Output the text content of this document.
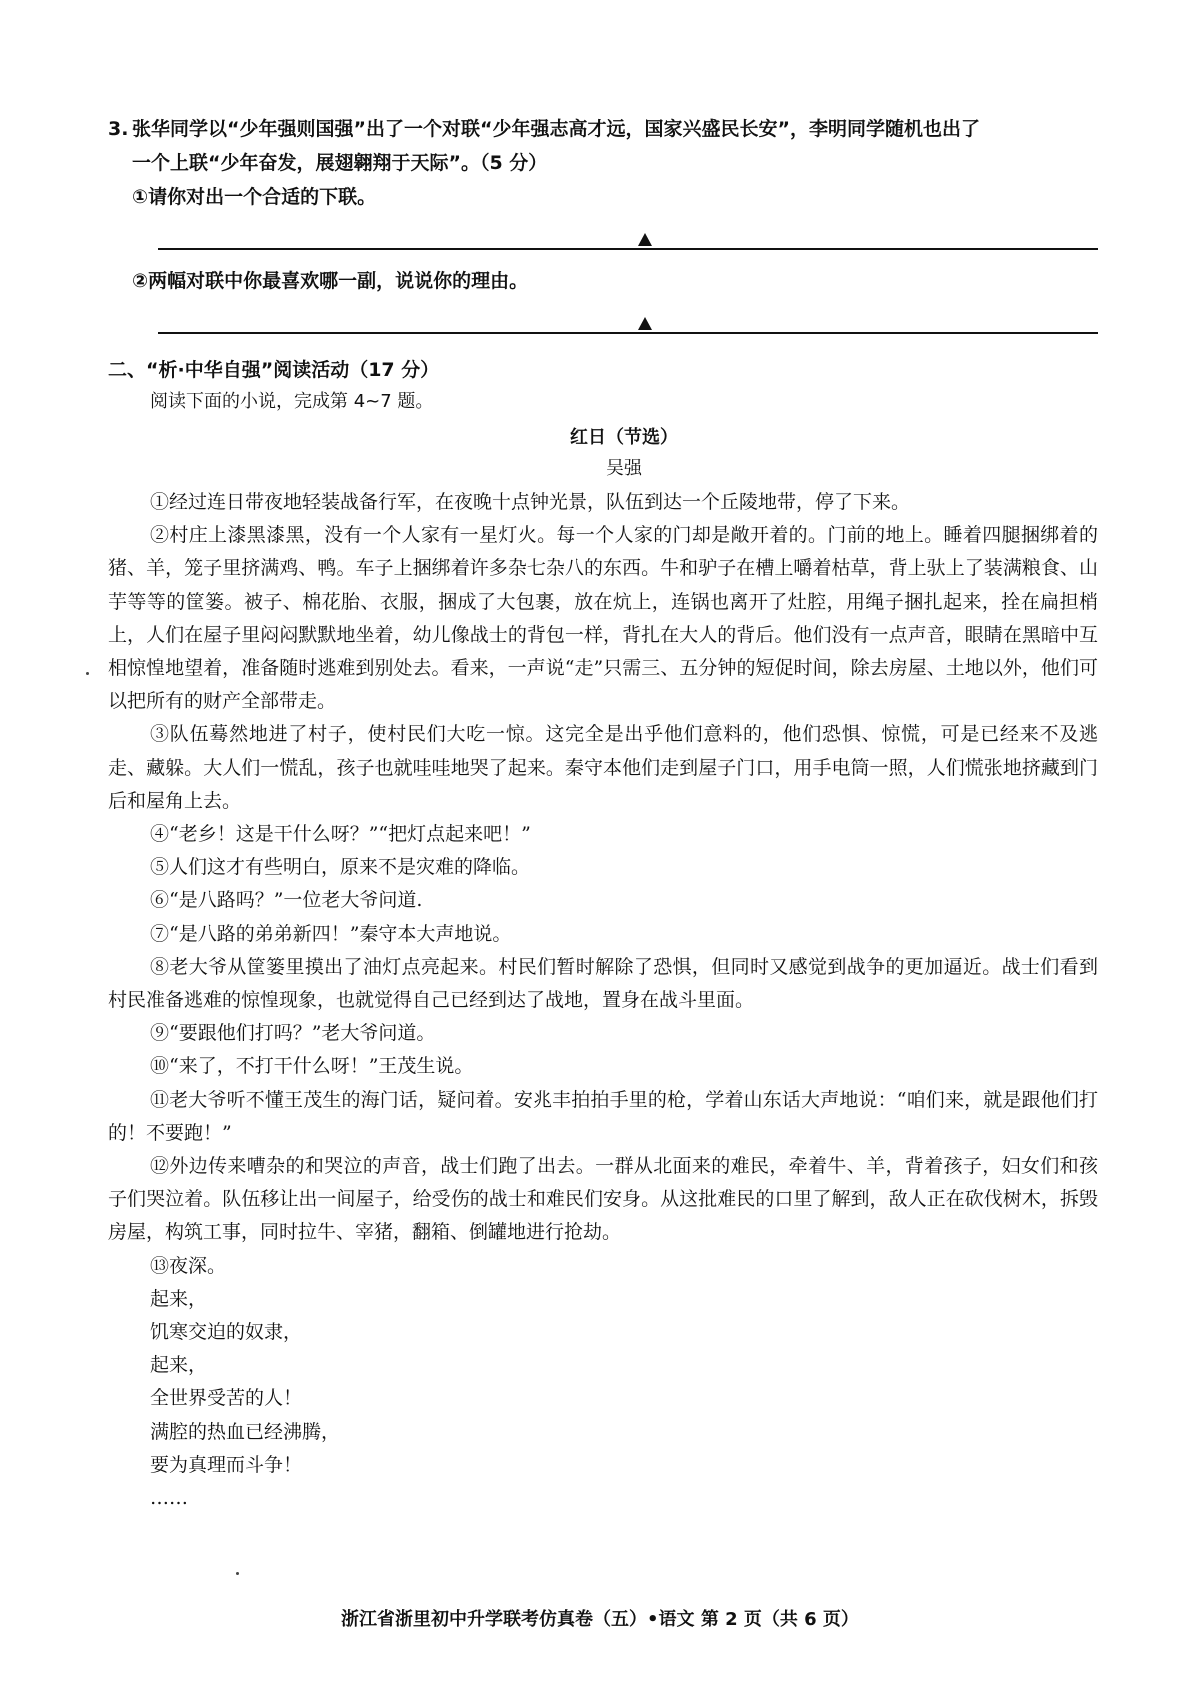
3. 张华同学以“少年强则国强”出了一个对联“少年强志高才远，国家兴盛民长安”，李明同学随机也出了
一个上联“少年奋发，展翅翱翔于天际”。（5 分）
①请你对出一个合适的下联。
②两幅对联中你最喜欢哪一副，说说你的理由。
二、“析·中华自强”阅读活动（17 分）
阅读下面的小说，完成第 4~7 题。
红日（节选）
吴强

①经过连日带夜地轻装战备行军，在夜晚十点钟光景，队伍到达一个丘陵地带，停了下来。

②村庄上漆黑漆黑，没有一个人家有一星灯火。每一个人家的门却是敞开着的。门前的地上。睡着四腿捆绑着的猪、羊，笼子里挤满鸡、鸭。车子上捆绑着许多杂七杂八的东西。牛和驴子在槽上嚼着枯草，背上驮上了装满粮食、山芋等等的筐篓。被子、棉花胎、衣服，捆成了大包裹，放在炕上，连锅也离开了灶腔，用绳子捆扎起来，拴在扁担梢上，人们在屋子里闷闷默默地坐着，幼儿像战士的背包一样，背扎在大人的背后。他们没有一点声音，眼睛在黑暗中互相惊惶地望着，准备随时逃难到别处去。看来，一声说“走”只需三、五分钟的短促时间，除去房屋、土地以外，他们可以把所有的财产全部带走。

③队伍蓦然地进了村子，使村民们大吃一惊。这完全是出乎他们意料的，他们恐惧、惊慌，可是已经来不及逃走、藏躲。大人们一慌乱，孩子也就哇哇地哭了起来。秦守本他们走到屋子门口，用手电筒一照，人们慌张地挤藏到门后和屋角上去。

④“老乡！这是干什么呀？”“把灯点起来吧！”

⑤人们这才有些明白，原来不是灾难的降临。

⑥“是八路吗？”一位老大爷问道.

⑦“是八路的弟弟新四！”秦守本大声地说。

⑧老大爷从筐篓里摸出了油灯点亮起来。村民们暂时解除了恐惧，但同时又感觉到战争的更加逼近。战士们看到村民准备逃难的惊惶现象，也就觉得自己已经到达了战地，置身在战斗里面。

⑨“要跟他们打吗？”老大爷问道。

⑩“来了，不打干什么呀！”王茂生说。

⑪老大爷听不懂王茂生的海门话，疑问着。安兆丰拍拍手里的枪，学着山东话大声地说：“咱们来，就是跟他们打的！不要跑！”

⑫外边传来嘈杂的和哭泣的声音，战士们跑了出去。一群从北面来的难民，牵着牛、羊，背着孩子，妇女们和孩子们哭泣着。队伍移让出一间屋子，给受伤的战士和难民们安身。从这批难民的口里了解到，敌人正在砍伐树木，拆毁房屋，构筑工事，同时拉牛、宰猪，翻箱、倒罐地进行抢劫。

⑬夜深。

起来，

饥寒交迫的奴隶，

起来，

全世界受苦的人！

满腔的热血已经沸腾，

要为真理而斗争！

……

浙江省浙里初中升学联考仿真卷（五）•语文 第 2 页（共 6 页）
